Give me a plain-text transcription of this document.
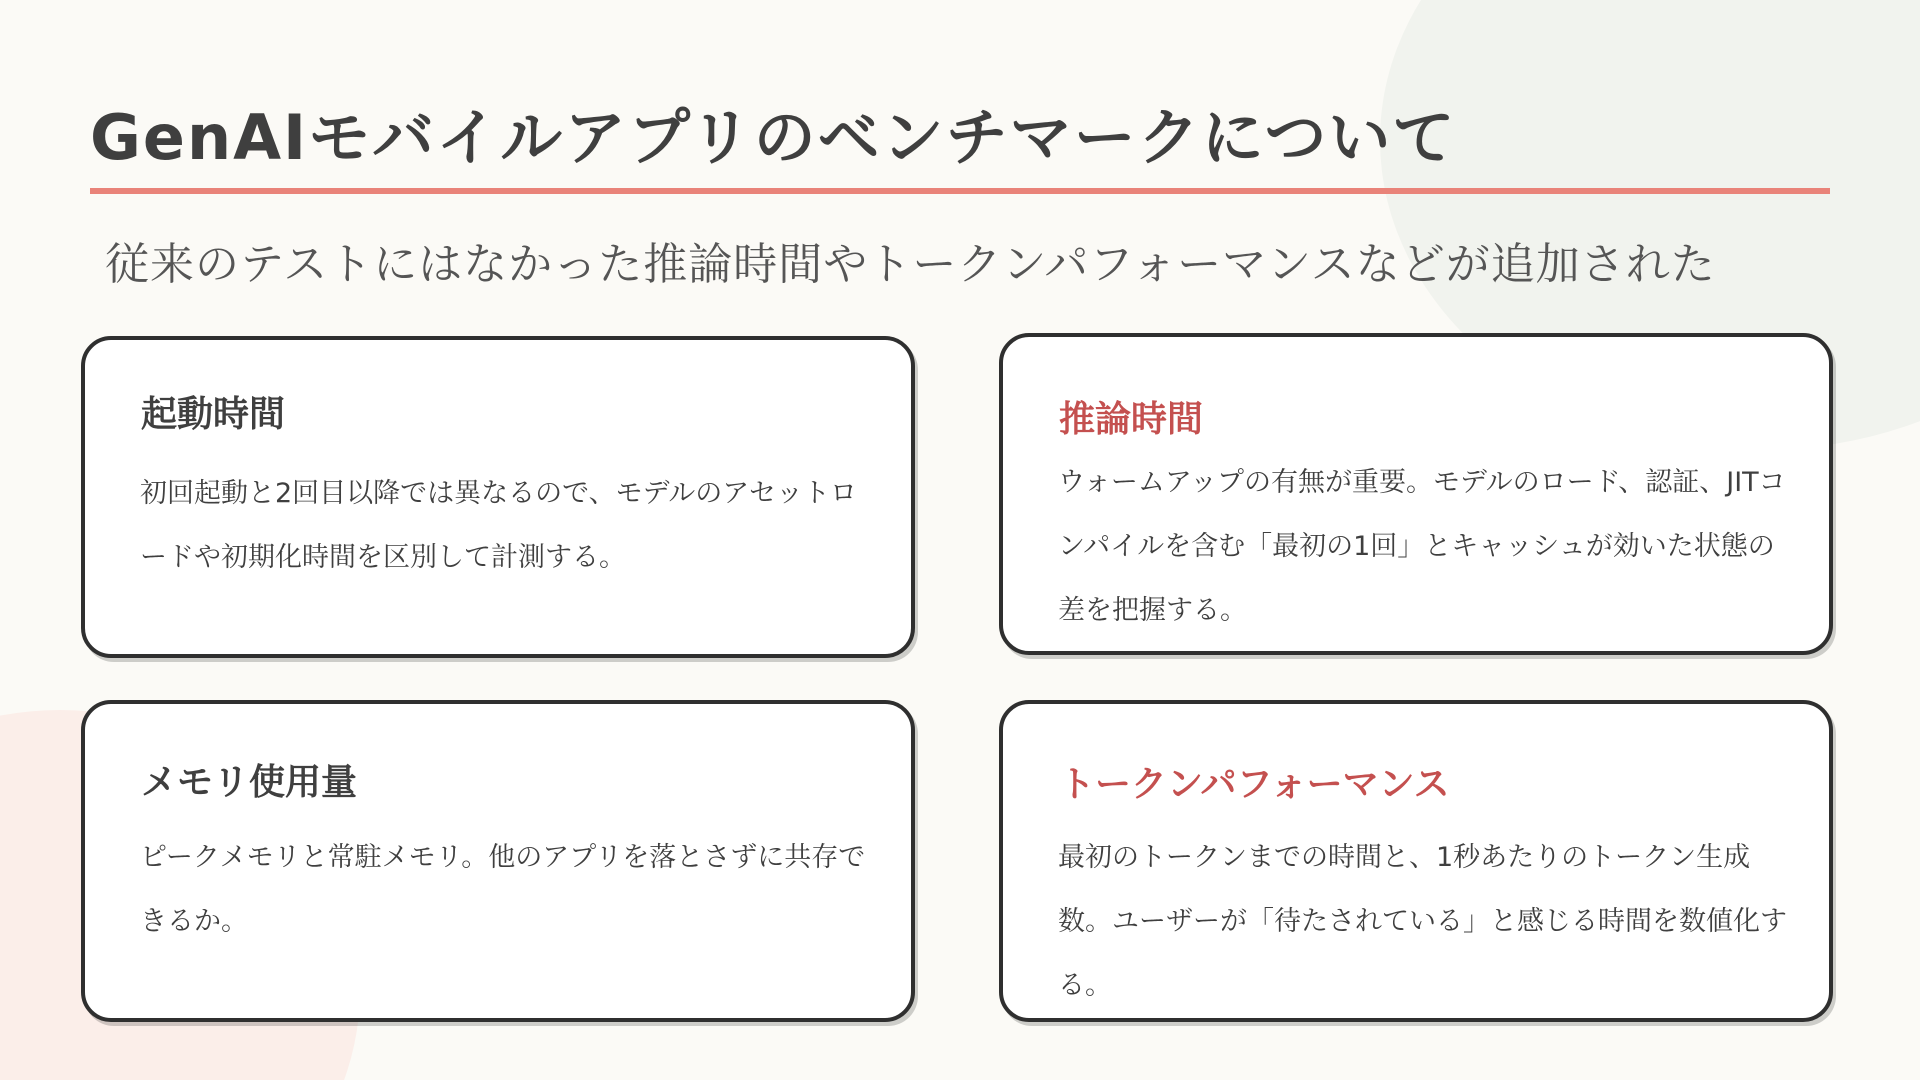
GenAIモバイルアプリのベンチマークについて
従来のテストにはなかった推論時間やトークンパフォーマンスなどが追加された
起動時間

初回起動と2回目以降では異なるので、モデルのアセットロードや初期化時間を区別して計測する。

推論時間

ウォームアップの有無が重要。モデルのロード、認証、JITコンパイルを含む「最初の1回」とキャッシュが効いた状態の差を把握する。

メモリ使用量

ピークメモリと常駐メモリ。他のアプリを落とさずに共存できるか。

トークンパフォーマンス

最初のトークンまでの時間と、1秒あたりのトークン生成数。ユーザーが「待たされている」と感じる時間を数値化する。
